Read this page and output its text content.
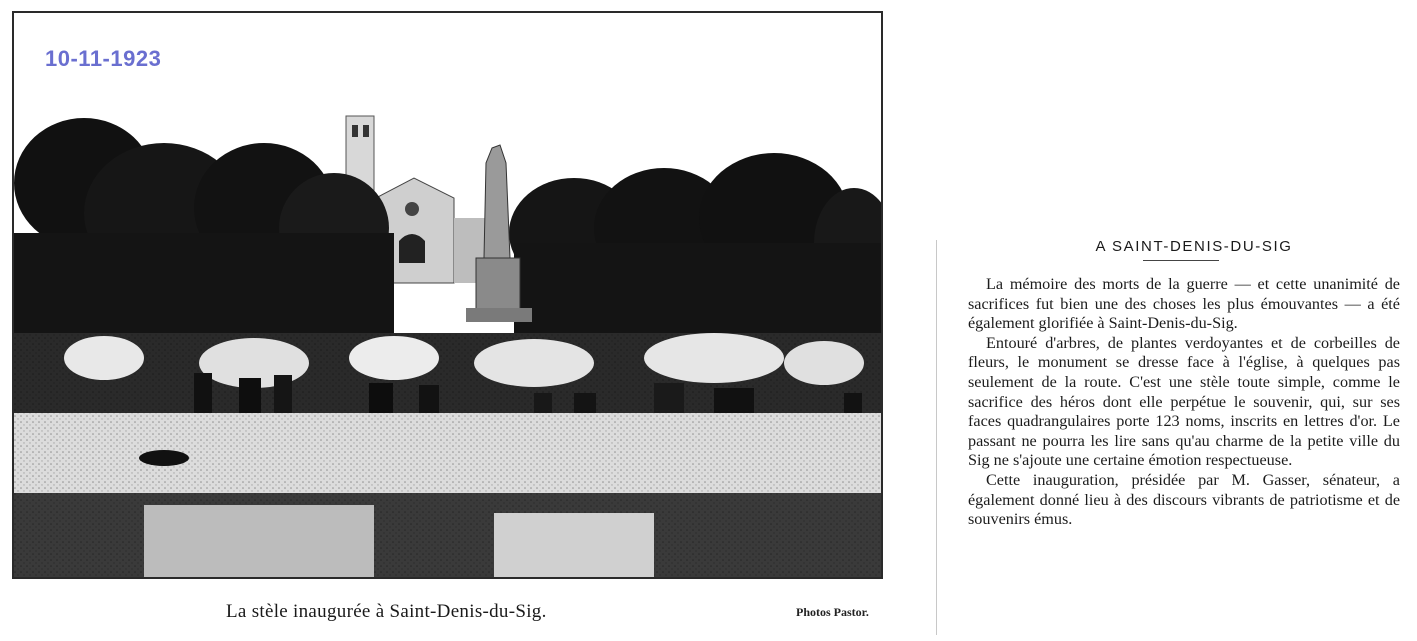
10-11-1923
La stèle inaugurée à Saint-Denis-du-Sig.	Photos Pastor.
A SAINT-DENIS-DU-SIG

La mémoire des morts de la guerre — et cette unanimité de sacrifices fut bien une des choses les plus émouvantes — a été également glorifiée à Saint-Denis-du-Sig.

Entouré d'arbres, de plantes verdoyantes et de corbeilles de fleurs, le monument se dresse face à l'église, à quelques pas seulement de la route. C'est une stèle toute simple, comme le sacrifice des héros dont elle perpétue le souvenir, qui, sur ses faces quadrangulaires porte 123 noms, inscrits en lettres d'or. Le passant ne pourra les lire sans qu'au charme de la petite ville du Sig ne s'ajoute une certaine émotion respectueuse.

Cette inauguration, présidée par M. Gasser, sénateur, a également donné lieu à des discours vibrants de patriotisme et de souvenirs émus.
